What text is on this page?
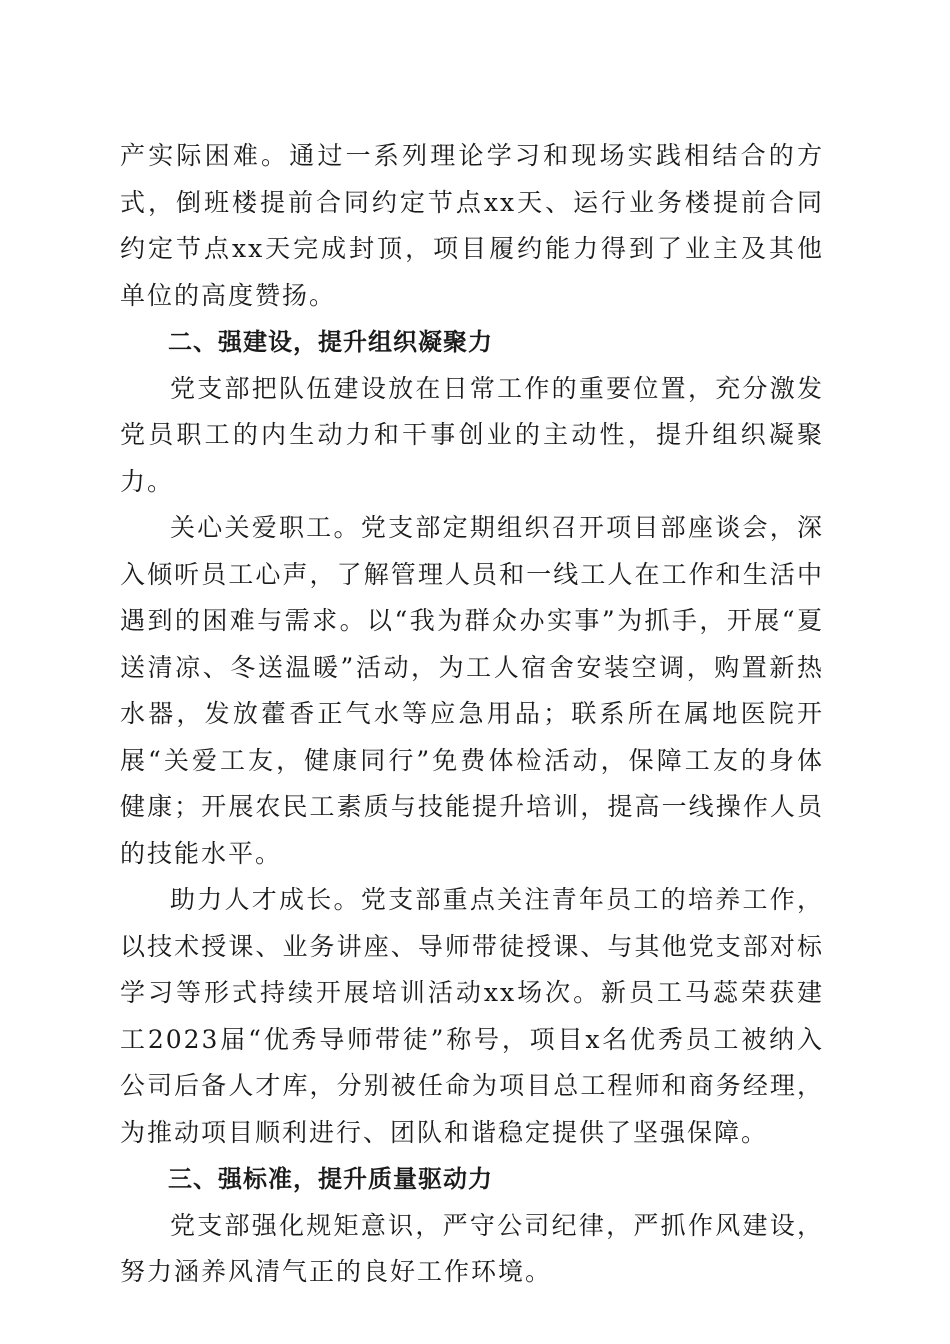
产实际困难。通过一系列理论学习和现场实践相结合的方式，倒班楼提前合同约定节点xx天、运行业务楼提前合同约定节点xx天完成封顶，项目履约能力得到了业主及其他单位的高度赞扬。

二、强建设，提升组织凝聚力

党支部把队伍建设放在日常工作的重要位置，充分激发党员职工的内生动力和干事创业的主动性，提升组织凝聚力。

关心关爱职工。党支部定期组织召开项目部座谈会，深入倾听员工心声，了解管理人员和一线工人在工作和生活中遇到的困难与需求。以“我为群众办实事”为抓手，开展“夏送清凉、冬送温暖”活动，为工人宿舍安装空调，购置新热水器，发放藿香正气水等应急用品；联系所在属地医院开展“关爱工友，健康同行”免费体检活动，保障工友的身体健康；开展农民工素质与技能提升培训，提高一线操作人员的技能水平。

助力人才成长。党支部重点关注青年员工的培养工作，以技术授课、业务讲座、导师带徒授课、与其他党支部对标学习等形式持续开展培训活动xx场次。新员工马蕊荣获建工2023届“优秀导师带徒”称号，项目x名优秀员工被纳入公司后备人才库，分别被任命为项目总工程师和商务经理，为推动项目顺利进行、团队和谐稳定提供了坚强保障。

三、强标准，提升质量驱动力

党支部强化规矩意识，严守公司纪律，严抓作风建设，努力涵养风清气正的良好工作环境。
